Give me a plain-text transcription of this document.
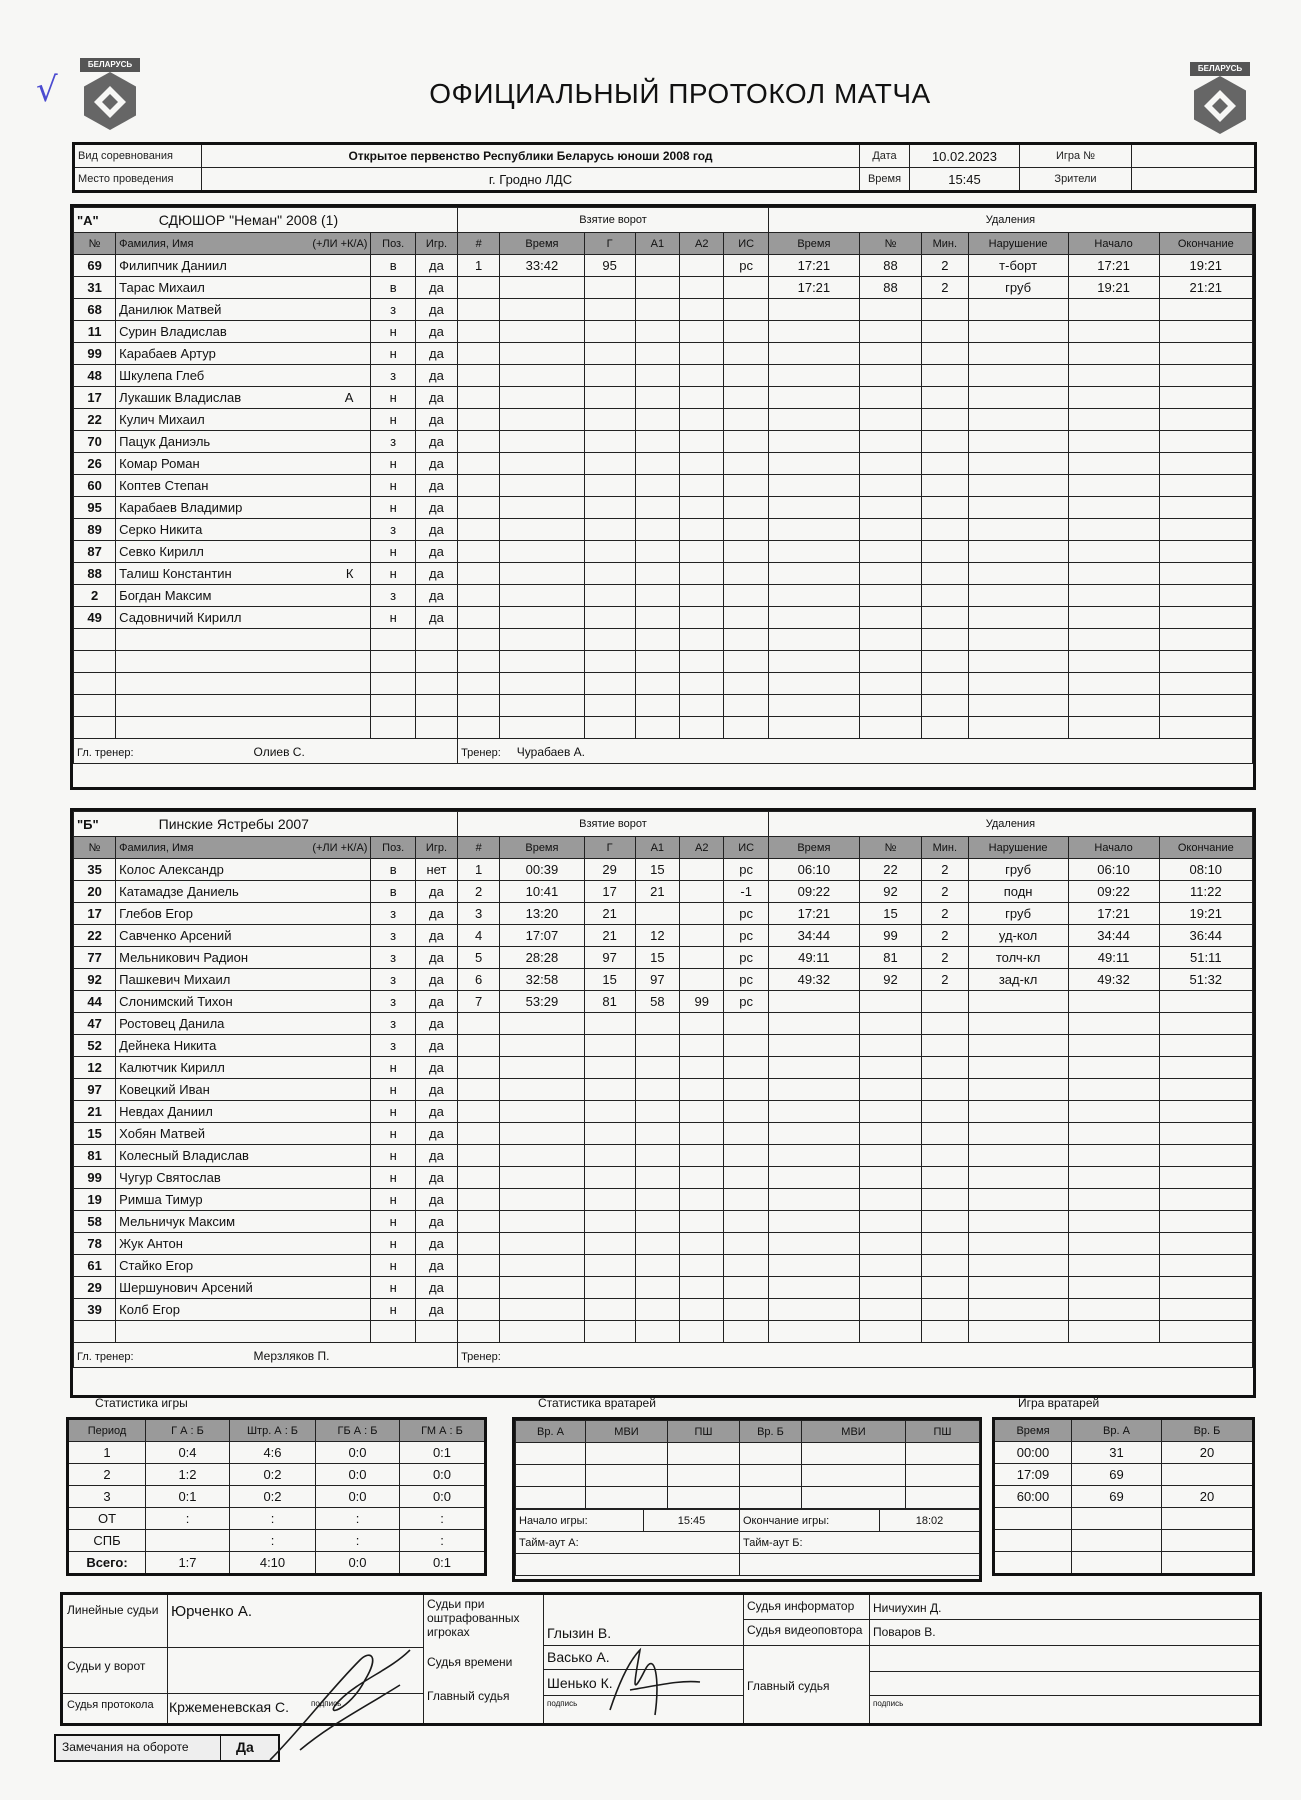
БЕЛАРУСЬ	БЕЛАРУСЬ
√	ОФИЦИАЛЬНЫЙ ПРОТОКОЛ МАТЧА
Вид соревнования	Открытое первенство Республики Беларусь юноши 2008 год	Дата	10.02.2023	Игра №	
Место проведения	г. Гродно ЛДС	Время	15:45	Зрители	
"А" СДЮШОР "Неман" 2008 (1)				Взятие ворот						Удаления					
№	Фамилия, Имя (+ЛИ +К/А)	Поз.	Игр.	#	Время	Г	А1	А2	ИС	Время	№	Мин.	Нарушение	Начало	Окончание
69	Филипчик Даниил	в	да	1	33:42	95			рс	17:21	88	2	т-борт	17:21	19:21
31	Тарас Михаил	в	да							17:21	88	2	груб	19:21	21:21
68	Данилюк Матвей	з	да												
11	Сурин Владислав	н	да												
99	Карабаев Артур	н	да												
48	Шкулепа Глеб	з	да												
17	Лукашик Владислав А	н	да												
22	Кулич Михаил	н	да												
70	Пацук Даниэль	з	да												
26	Комар Роман	н	да												
60	Коптев Степан	н	да												
95	Карабаев Владимир	н	да												
89	Серко Никита	з	да												
87	Севко Кирилл	н	да												
88	Талиш Константин К	н	да												
2	Богдан Максим	з	да												
49	Садовничий Кирилл	н	да												

Гл. тренер: Олиев С.				Тренер: Чурабаев А.											
"Б" Пинские Ястребы 2007				Взятие ворот						Удаления					
№	Фамилия, Имя (+ЛИ +К/А)	Поз.	Игр.	#	Время	Г	А1	А2	ИС	Время	№	Мин.	Нарушение	Начало	Окончание
35	Колос Александр	в	нет	1	00:39	29	15		рс	06:10	22	2	груб	06:10	08:10
20	Катамадзе Даниель	в	да	2	10:41	17	21		-1	09:22	92	2	подн	09:22	11:22
17	Глебов Егор	з	да	3	13:20	21			рс	17:21	15	2	груб	17:21	19:21
22	Савченко Арсений	з	да	4	17:07	21	12		рс	34:44	99	2	уд-кол	34:44	36:44
77	Мельникович Радион	з	да	5	28:28	97	15		рс	49:11	81	2	толч-кл	49:11	51:11
92	Пашкевич Михаил	з	да	6	32:58	15	97		рс	49:32	92	2	зад-кл	49:32	51:32
44	Слонимский Тихон	з	да	7	53:29	81	58	99	рс						
47	Ростовец Данила	з	да												
52	Дейнека Никита	з	да												
12	Калютчик Кирилл	н	да												
97	Ковецкий Иван	н	да												
21	Невдах Даниил	н	да												
15	Хобян Матвей	н	да												
81	Колесный Владислав	н	да												
99	Чугур Святослав	н	да												
19	Римша Тимур	н	да												
58	Мельничук Максим	н	да												
78	Жук Антон	н	да												
61	Стайко Егор	н	да												
29	Шершунович Арсений	н	да												
39	Колб Егор	н	да												

Гл. тренер: Мерзляков П.				Тренер:											
Статистика игры	Статистика вратарей	Игра вратарей
Период	Г А : Б	Штр. А : Б	ГБ А : Б	ГМ А : Б
1	0:4	4:6	0:0	0:1
2	1:2	0:2	0:0	0:0
3	0:1	0:2	0:0	0:0
ОТ	:	:	:	:
СПБ		:	:	:
Всего:	1:7	4:10	0:0	0:1
Вр. А	МВИ	ПШ	Вр. Б	МВИ	ПШ

Начало игры:	15:45	Окончание игры:	18:02
Тайм-аут А:		Тайм-аут Б:	

Время	Вр. А	Вр. Б
00:00	31	20
17:09	69	
60:00	69	20

Линейные судьи
Судьи у ворот
Судья протокола
Юрченко А.
Кржеменевская С.	подпись
Судьи при оштрафованных игроках
Судья времени
Главный судья
Глызин В.
Васько А.
Шенько К.
подпись
Судья информатор
Судья видеоповтора
Главный судья
Ничиухин Д.
Поваров В.
подпись
Замечания на обороте	Да
